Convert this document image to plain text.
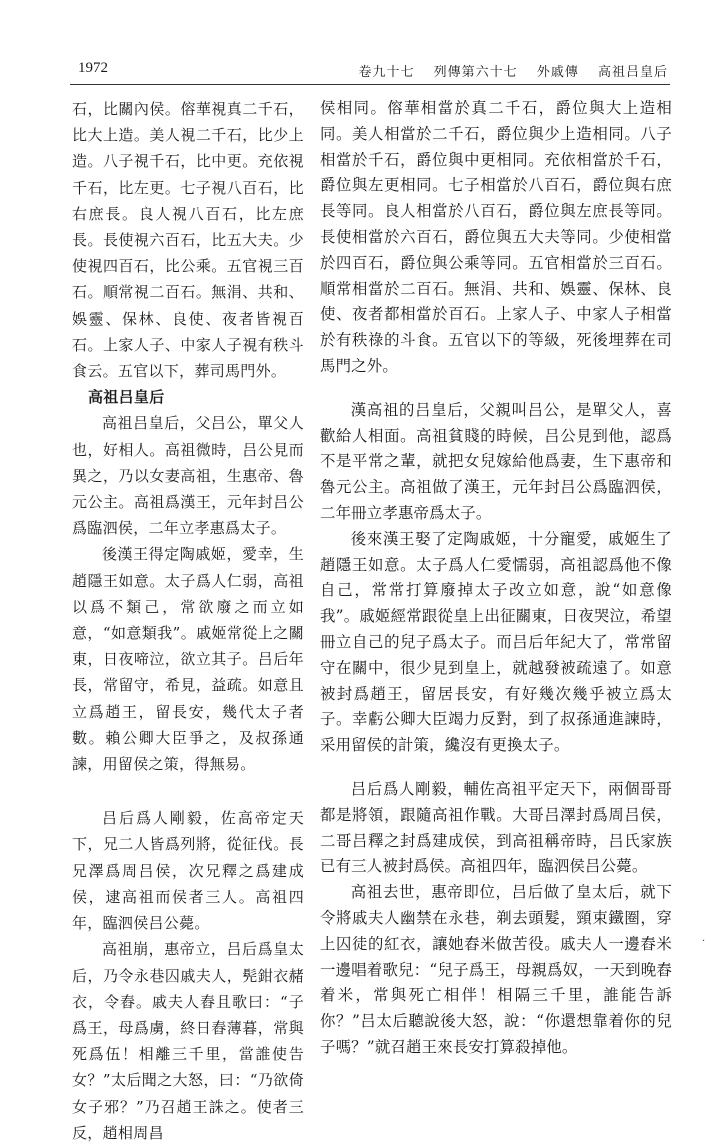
1972	卷九十七 列傳第六十七 外戚傳 高祖吕皇后

石，比關內侯。傛華視真二千石，比大上造。美人視二千石，比少上造。八子視千石，比中更。充依視千石，比左更。七子視八百石，比右庶長。良人視八百石，比左庶長。長使視六百石，比五大夫。少使視四百石，比公乘。五官視三百石。順常視二百石。無涓、共和、娛靈、保林、良使、夜者皆視百石。上家人子、中家人子視有秩斗食云。五官以下，葬司馬門外。

高祖吕皇后

高祖吕皇后，父吕公，單父人也，好相人。高祖微時，吕公見而異之，乃以女妻高祖，生惠帝、魯元公主。高祖爲漢王，元年封吕公爲臨泗侯，二年立孝惠爲太子。

後漢王得定陶戚姬，愛幸，生趙隱王如意。太子爲人仁弱，高祖以爲不類己，常欲廢之而立如意，“如意類我”。戚姬常從上之關東，日夜啼泣，欲立其子。吕后年長，常留守，希見，益疏。如意且立爲趙王，留長安，幾代太子者數。賴公卿大臣爭之，及叔孫通諫，用留侯之策，得無易。

吕后爲人剛毅，佐高帝定天下，兄二人皆爲列將，從征伐。長兄澤爲周吕侯，次兄釋之爲建成侯，逮高祖而侯者三人。高祖四年，臨泗侯吕公薨。

高祖崩，惠帝立，吕后爲皇太后，乃令永巷囚戚夫人，髡鉗衣赭衣，令舂。戚夫人舂且歌曰：“子爲王，母爲虜，終日舂薄暮，常與死爲伍！相離三千里，當誰使告女？”太后聞之大怒，曰：“乃欲倚女子邪？”乃召趙王誅之。使者三反，趙相周昌

侯相同。傛華相當於真二千石，爵位與大上造相同。美人相當於二千石，爵位與少上造相同。八子相當於千石，爵位與中更相同。充依相當於千石，爵位與左更相同。七子相當於八百石，爵位與右庶長等同。良人相當於八百石，爵位與左庶長等同。長使相當於六百石，爵位與五大夫等同。少使相當於四百石，爵位與公乘等同。五官相當於三百石。順常相當於二百石。無涓、共和、娛靈、保林、良使、夜者都相當於百石。上家人子、中家人子相當於有秩祿的斗食。五官以下的等級，死後埋葬在司馬門之外。

漢高祖的吕皇后，父親叫吕公，是單父人，喜歡給人相面。高祖貧賤的時候，吕公見到他，認爲不是平常之輩，就把女兒嫁給他爲妻，生下惠帝和魯元公主。高祖做了漢王，元年封吕公爲臨泗侯，二年冊立孝惠帝爲太子。

後來漢王娶了定陶戚姬，十分寵愛，戚姬生了趙隱王如意。太子爲人仁愛懦弱，高祖認爲他不像自己，常常打算廢掉太子改立如意，說“如意像我”。戚姬經常跟從皇上出征關東，日夜哭泣，希望冊立自己的兒子爲太子。而吕后年紀大了，常常留守在關中，很少見到皇上，就越發被疏遠了。如意被封爲趙王，留居長安，有好幾次幾乎被立爲太子。幸虧公卿大臣竭力反對，到了叔孫通進諫時，采用留侯的計策，纔沒有更換太子。

吕后爲人剛毅，輔佐高祖平定天下，兩個哥哥都是將領，跟隨高祖作戰。大哥吕澤封爲周吕侯，二哥吕釋之封爲建成侯，到高祖稱帝時，吕氏家族已有三人被封爲侯。高祖四年，臨泗侯吕公薨。

高祖去世，惠帝即位，吕后做了皇太后，就下令將戚夫人幽禁在永巷，剃去頭髮，頸束鐵圈，穿上囚徒的紅衣，讓她舂米做苦役。戚夫人一邊舂米一邊唱着歌兒：“兒子爲王，母親爲奴，一天到晚舂着米，常與死亡相伴！相隔三千里，誰能告訴你？”吕太后聽說後大怒，說：“你還想靠着你的兒子嗎？”就召趙王來長安打算殺掉他。

·
